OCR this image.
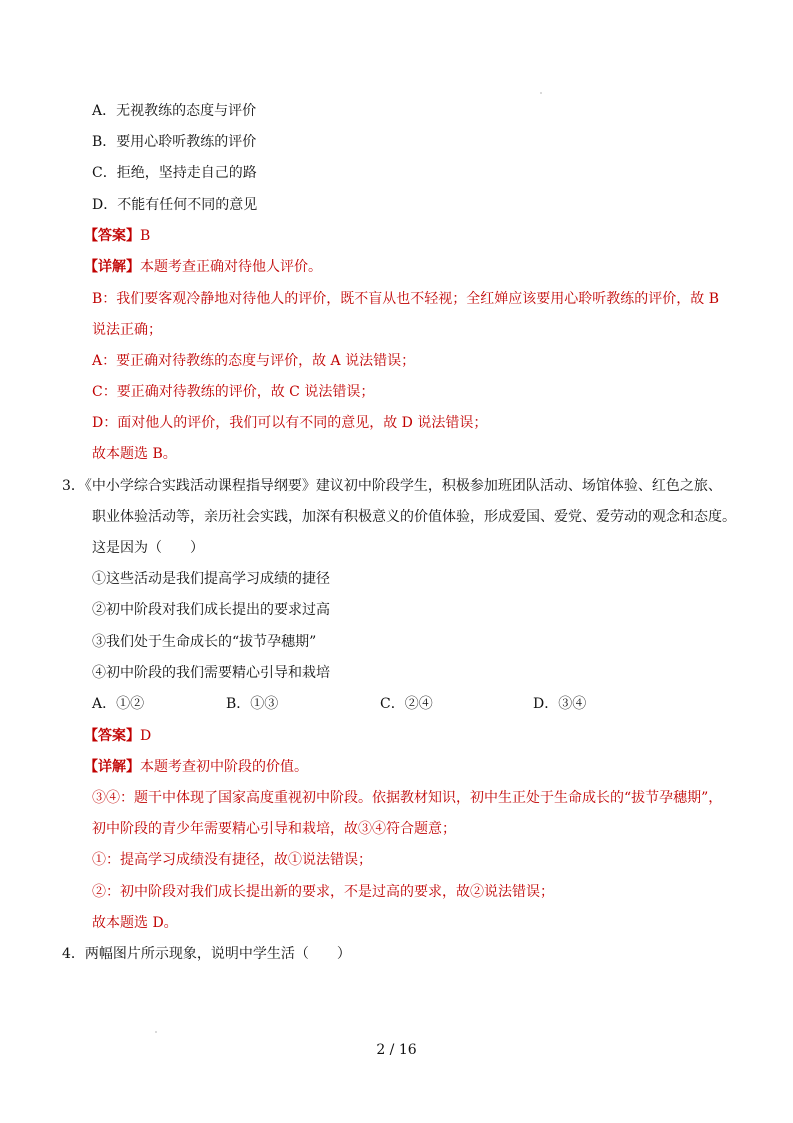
A．无视教练的态度与评价
B．要用心聆听教练的评价
C．拒绝，坚持走自己的路
D．不能有任何不同的意见
【答案】B
【详解】本题考查正确对待他人评价。
B：我们要客观冷静地对待他人的评价，既不盲从也不轻视；全红婵应该要用心聆听教练的评价，故 B
说法正确；
A：要正确对待教练的态度与评价，故 A 说法错误；
C：要正确对待教练的评价，故 C 说法错误；
D：面对他人的评价，我们可以有不同的意见，故 D 说法错误；
故本题选 B。
3．《中小学综合实践活动课程指导纲要》建议初中阶段学生，积极参加班团队活动、场馆体验、红色之旅、
职业体验活动等，亲历社会实践，加深有积极意义的价值体验，形成爱国、爱党、爱劳动的观念和态度。
这是因为（　　）
①这些活动是我们提高学习成绩的捷径
②初中阶段对我们成长提出的要求过高
③我们处于生命成长的“拔节孕穗期”
④初中阶段的我们需要精心引导和栽培
A．①②	B．①③	C．②④	D．③④
【答案】D
【详解】本题考查初中阶段的价值。
③④：题干中体现了国家高度重视初中阶段。依据教材知识，初中生正处于生命成长的“拔节孕穗期”，
初中阶段的青少年需要精心引导和栽培，故③④符合题意；
①：提高学习成绩没有捷径，故①说法错误；
②：初中阶段对我们成长提出新的要求，不是过高的要求，故②说法错误；
故本题选 D。
4．两幅图片所示现象，说明中学生活（　　）
2 / 16
